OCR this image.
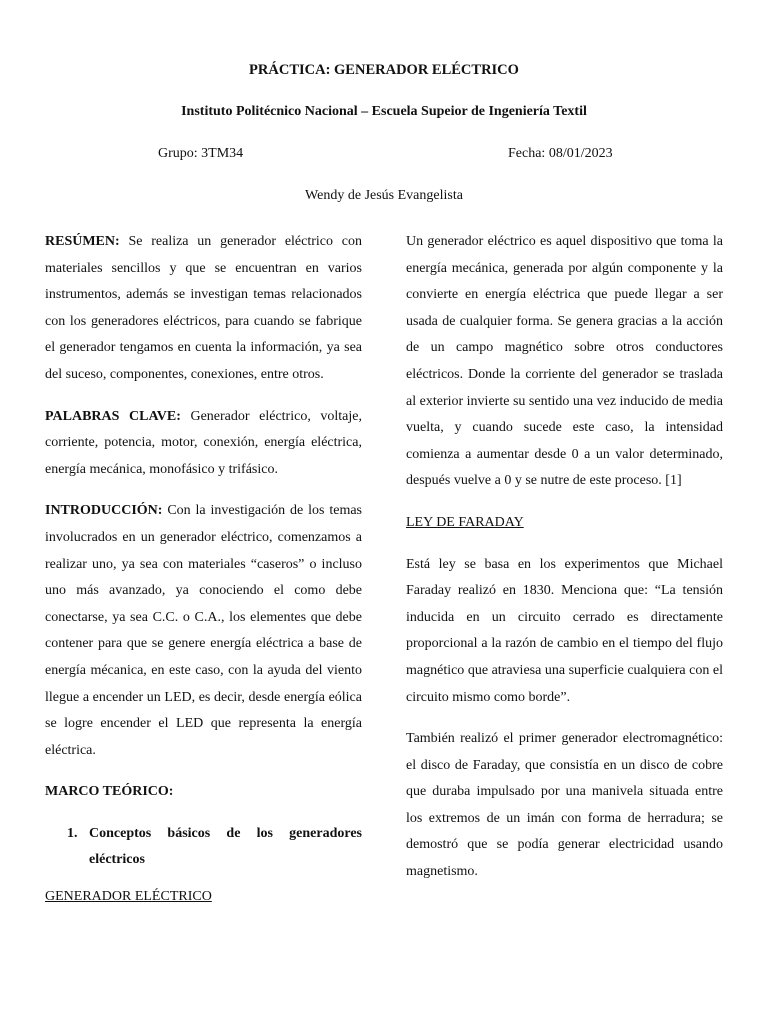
PRÁCTICA: GENERADOR ELÉCTRICO
Instituto Politécnico Nacional – Escuela Supeior de Ingeniería Textil
Grupo: 3TM34	Fecha: 08/01/2023
Wendy de Jesús Evangelista

RESÚMEN: Se realiza un generador eléctrico con materiales sencillos y que se encuentran en varios instrumentos, además se investigan temas relacionados con los generadores eléctricos, para cuando se fabrique el generador tengamos en cuenta la información, ya sea del suceso, componentes, conexiones, entre otros.

PALABRAS CLAVE: Generador eléctrico, voltaje, corriente, potencia, motor, conexión, energía eléctrica, energía mecánica, monofásico y trifásico.

INTRODUCCIÓN: Con la investigación de los temas involucrados en un generador eléctrico, comenzamos a realizar uno, ya sea con materiales “caseros” o incluso uno más avanzado, ya conociendo el como debe conectarse, ya sea C.C. o C.A., los elementes que debe contener para que se genere energía eléctrica a base de energía mécanica, en este caso, con la ayuda del viento llegue a encender un LED, es decir, desde energía eólica se logre encender el LED que representa la energía eléctrica.

MARCO TEÓRICO:
1. Conceptos básicos de los generadores eléctricos
GENERADOR ELÉCTRICO

Un generador eléctrico es aquel dispositivo que toma la energía mecánica, generada por algún componente y la convierte en energía eléctrica que puede llegar a ser usada de cualquier forma. Se genera gracias a la acción de un campo magnético sobre otros conductores eléctricos. Donde la corriente del generador se traslada al exterior invierte su sentido una vez inducido de media vuelta, y cuando sucede este caso, la intensidad comienza a aumentar desde 0 a un valor determinado, después vuelve a 0 y se nutre de este proceso. [1]

LEY DE FARADAY

Está ley se basa en los experimentos que Michael Faraday realizó en 1830. Menciona que: “La tensión inducida en un circuito cerrado es directamente proporcional a la razón de cambio en el tiempo del flujo magnético que atraviesa una superficie cualquiera con el circuito mismo como borde”.

También realizó el primer generador electromagnético: el disco de Faraday, que consistía en un disco de cobre que duraba impulsado por una manivela situada entre los extremos de un imán con forma de herradura; se demostró que se podía generar electricidad usando magnetismo.
